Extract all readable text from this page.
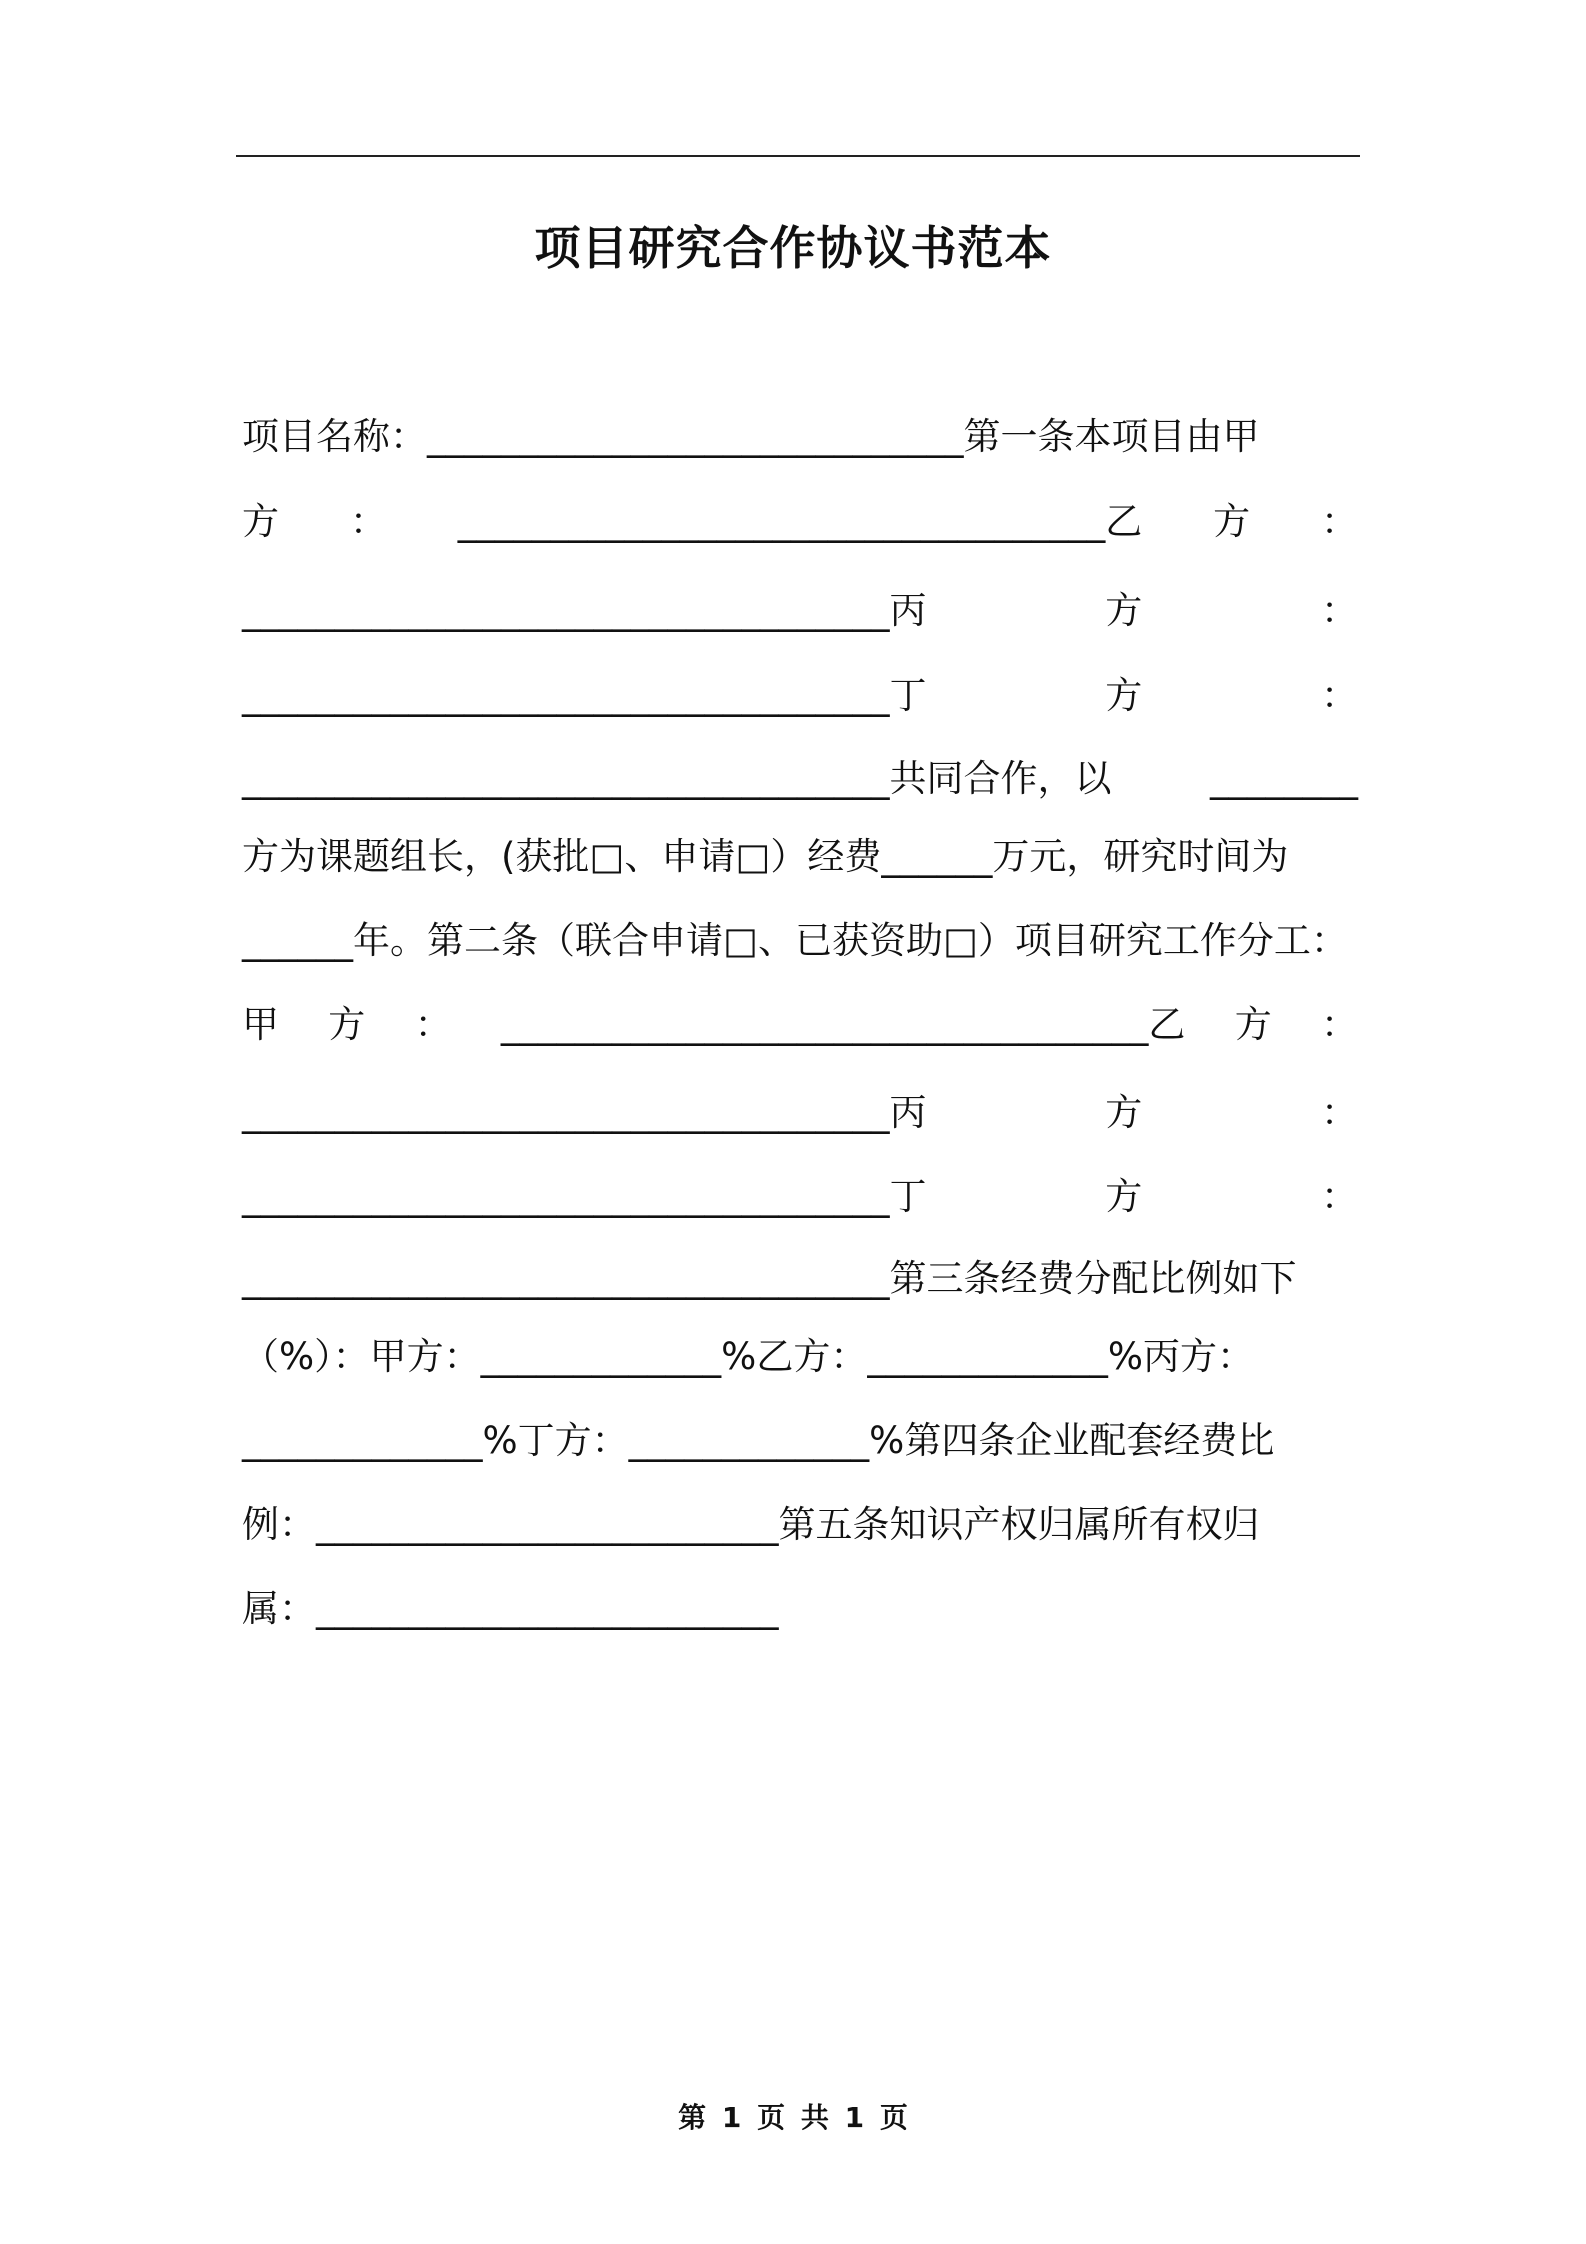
项目研究合作协议书范本
项目名称：_____________________________第一条本项目由甲
方 ： ___________________________________乙 方 ：
___________________________________丙	方	：
___________________________________丁	方	：
___________________________________共同合作，以	________
方为课题组长，(获批□、申请□）经费______万元，研究时间为
______年。第二条（联合申请□、已获资助□）项目研究工作分工：
甲 方 ： ___________________________________乙 方 ：
___________________________________丙	方	：
___________________________________丁	方	：
___________________________________第三条经费分配比例如下
（%）：甲方：_____________%乙方：_____________%丙方：
_____________%丁方：_____________%第四条企业配套经费比
例：_________________________第五条知识产权归属所有权归
属：_________________________
第 1 页 共 1 页
